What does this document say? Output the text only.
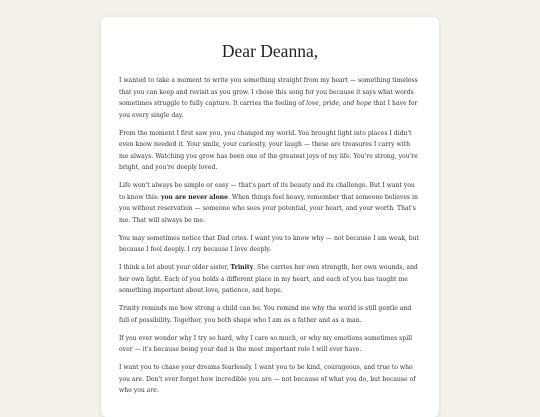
Dear Deanna,

I wanted to take a moment to write you something straight from my heart — something timeless that you can keep and revisit as you grow. I chose this song for you because it says what words sometimes struggle to fully capture. It carries the feeling of love, pride, and hope that I have for you every single day.

From the moment I first saw you, you changed my world. You brought light into places I didn't even know needed it. Your smile, your curiosity, your laugh — these are treasures I carry with me always. Watching you grow has been one of the greatest joys of my life. You're strong, you're bright, and you're deeply loved.

Life won't always be simple or easy — that's part of its beauty and its challenge. But I want you to know this: you are never alone. When things feel heavy, remember that someone believes in you without reservation — someone who sees your potential, your heart, and your worth. That's me. That will always be me.

You may sometimes notice that Dad cries. I want you to know why — not because I am weak, but because I feel deeply. I cry because I love deeply.

I think a lot about your older sister, Trinity. She carries her own strength, her own wounds, and her own light. Each of you holds a different place in my heart, and each of you has taught me something important about love, patience, and hope.

Trinity reminds me how strong a child can be. You remind me why the world is still gentle and full of possibility. Together, you both shape who I am as a father and as a man.

If you ever wonder why I try so hard, why I care so much, or why my emotions sometimes spill over — it's because being your dad is the most important role I will ever have.

I want you to chase your dreams fearlessly. I want you to be kind, courageous, and true to who you are. Don't ever forget how incredible you are — not because of what you do, but because of who you are.
